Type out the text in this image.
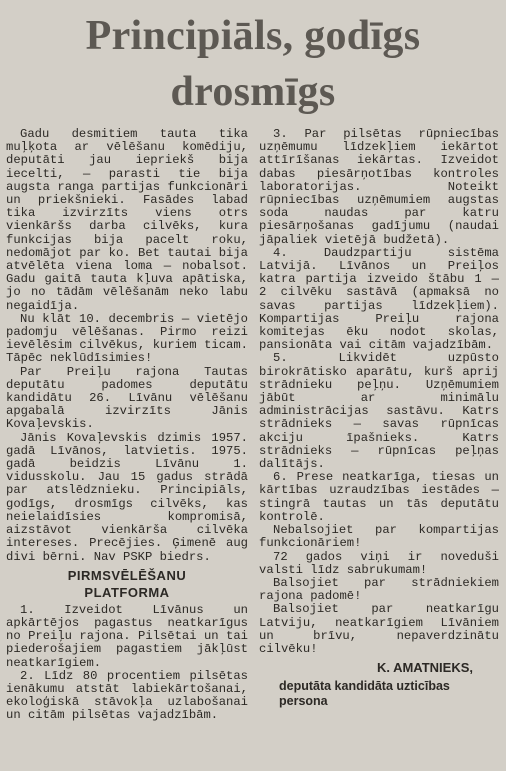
Principiāls, godīgs
drosmīgs

Gadu desmitiem tauta tika muļķota ar vēlēšanu komēdiju, deputāti jau iepriekš bija iecelti, — parasti tie bija augsta ranga partijas funkcionāri un priekšnieki. Fasādes labad tika izvirzīts viens otrs vienkāršs darba cilvēks, kura funkcijas bija pacelt roku, nedomājot par ko. Bet tautai bija atvēlēta viena loma — nobalsot. Gadu gaitā tauta kļuva apātiska, jo no tādām vēlēšanām neko labu negaidīja.

Nu klāt 10. decembris — vietējo padomju vēlēšanas. Pirmo reizi ievēlēsim cilvēkus, kuriem ticam. Tāpēc neklūdīsimies!

Par Preiļu rajona Tautas deputātu padomes deputātu kandidātu 26. Līvānu vēlēšanu apgabalā izvirzīts Jānis Kovaļevskis.

Jānis Kovaļevskis dzimis 1957. gadā Līvānos, latvietis. 1975. gadā beidzis Līvānu 1. vidusskolu. Jau 15 gadus strādā par atslēdznieku. Principiāls, godīgs, drosmīgs cilvēks, kas neielaidīsies kompromisā, aizstāvot vienkārša cilvēka intereses. Precējies. Ģimenē aug divi bērni. Nav PSKP biedrs.

PIRMSVĒLĒŠANU
PLATFORMA

1. Izveidot Līvānus un apkārtējos pagastus neatkarīgus no Preiļu rajona. Pilsētai un tai piederošajiem pagastiem jākļūst neatkarīgiem.

2. Līdz 80 procentiem pilsētas ienākumu atstāt labiekārtošanai, ekoloģiskā stāvokļa uzlabošanai un citām pilsētas vajadzībām.

3. Par pilsētas rūpniecības uzņēmumu līdzekļiem iekārtot attīrīšanas iekārtas. Izveidot dabas piesārņotības kontroles laboratorijas. Noteikt rūpniecības uzņēmumiem augstas soda naudas par katru piesārņošanas gadījumu (naudai jāpaliek vietējā budžetā).

4. Daudzpartiju sistēma Latvijā. Līvānos un Preiļos katra partija izveido štābu 1 — 2 cilvēku sastāvā (apmaksā no savas partijas līdzekļiem). Kompartijas Preiļu rajona komitejas ēku nodot skolas, pansionāta vai citām vajadzībām.

5. Likvidēt uzpūsto birokrātisko aparātu, kurš aprij strādnieku peļņu. Uzņēmumiem jābūt ar minimālu administrācijas sastāvu. Katrs strādnieks — savas rūpnīcas akciju īpašnieks. Katrs strādnieks — rūpnīcas peļņas dalītājs.

6. Prese neatkarīga, tiesas un kārtības uzraudzības iestādes — stingrā tautas un tās deputātu kontrolē.

Nebalsojiet par kompartijas funkcionāriem!

72 gados viņi ir noveduši valsti līdz sabrukumam!

Balsojiet par strādniekiem rajona padomē!

Balsojiet par neatkarīgu Latviju, neatkarīgiem Līvāniem un brīvu, nepaverdzinātu cilvēku!

K. AMATNIEKS,
deputāta kandidāta uzticības persona
